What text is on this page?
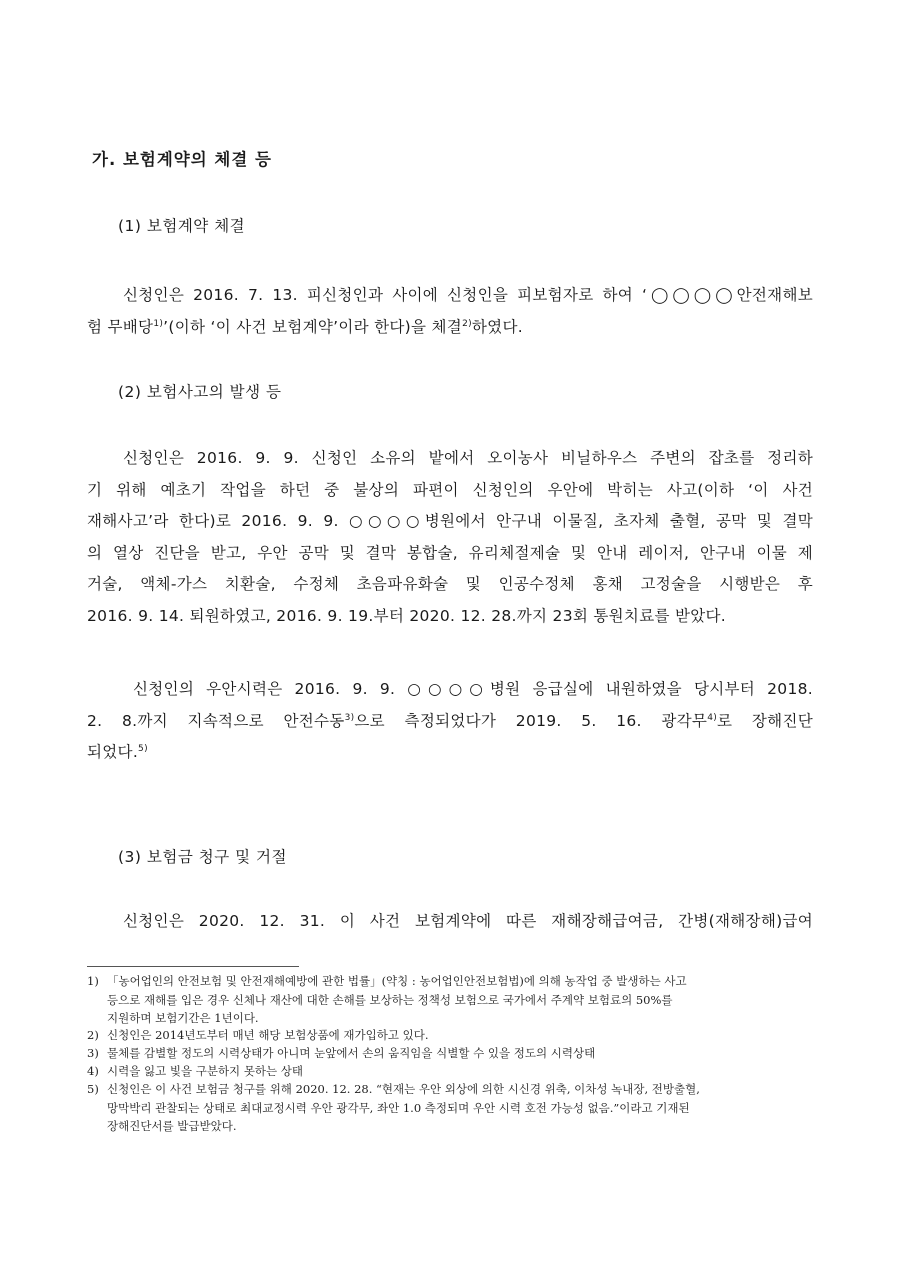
가. 보험계약의 체결 등
(1) 보험계약 체결
신청인은 2016. 7. 13. 피신청인과 사이에 신청인을 피보험자로 하여 ‘◯◯◯◯안전재해보
험 무배당$^{1)}$’(이하 ‘이 사건 보험계약’이라 한다)을 체결$^{2)}$하였다.
(2) 보험사고의 발생 등
신청인은 2016. 9. 9. 신청인 소유의 밭에서 오이농사 비닐하우스 주변의 잡초를 정리하
기 위해 예초기 작업을 하던 중 불상의 파편이 신청인의 우안에 박히는 사고(이하 ‘이 사건
재해사고’라 한다)로 2016. 9. 9. ○○○○병원에서 안구내 이물질, 초자체 출혈, 공막 및 결막
의 열상 진단을 받고, 우안 공막 및 결막 봉합술, 유리체절제술 및 안내 레이저, 안구내 이물 제
거술, 액체-가스 치환술, 수정체 초음파유화술 및 인공수정체 홍채 고정술을 시행받은 후
2016. 9. 14. 퇴원하였고, 2016. 9. 19.부터 2020. 12. 28.까지 23회 통원치료를 받았다.
신청인의 우안시력은 2016. 9. 9. ○○○○병원 응급실에 내원하였을 당시부터 2018.
2. 8.까지 지속적으로 안전수동$^{3)}$으로 측정되었다가 2019. 5. 16. 광각무$^{4)}$로 장해진단
되었다.$^{5)}$
(3) 보험금 청구 및 거절
신청인은 2020. 12. 31. 이 사건 보험계약에 따른 재해장해급여금, 간병(재해장해)급여
1) 「농어업인의 안전보험 및 안전재해예방에 관한 법률」(약칭 : 농어업인안전보험법)에 의해 농작업 중 발생하는 사고
등으로 재해를 입은 경우 신체나 재산에 대한 손해를 보상하는 정책성 보험으로 국가에서 주계약 보험료의 50%를
지원하며 보험기간은 1년이다.
2) 신청인은 2014년도부터 매년 해당 보험상품에 재가입하고 있다.
3) 물체를 감별할 정도의 시력상태가 아니며 눈앞에서 손의 움직임을 식별할 수 있을 정도의 시력상태
4) 시력을 잃고 빛을 구분하지 못하는 상태
5) 신청인은 이 사건 보험금 청구를 위해 2020. 12. 28. “현재는 우안 외상에 의한 시신경 위축, 이차성 녹내장, 전방출혈,
망막박리 관찰되는 상태로 최대교정시력 우안 광각무, 좌안 1.0 측정되며 우안 시력 호전 가능성 없음.”이라고 기재된
장해진단서를 발급받았다.
